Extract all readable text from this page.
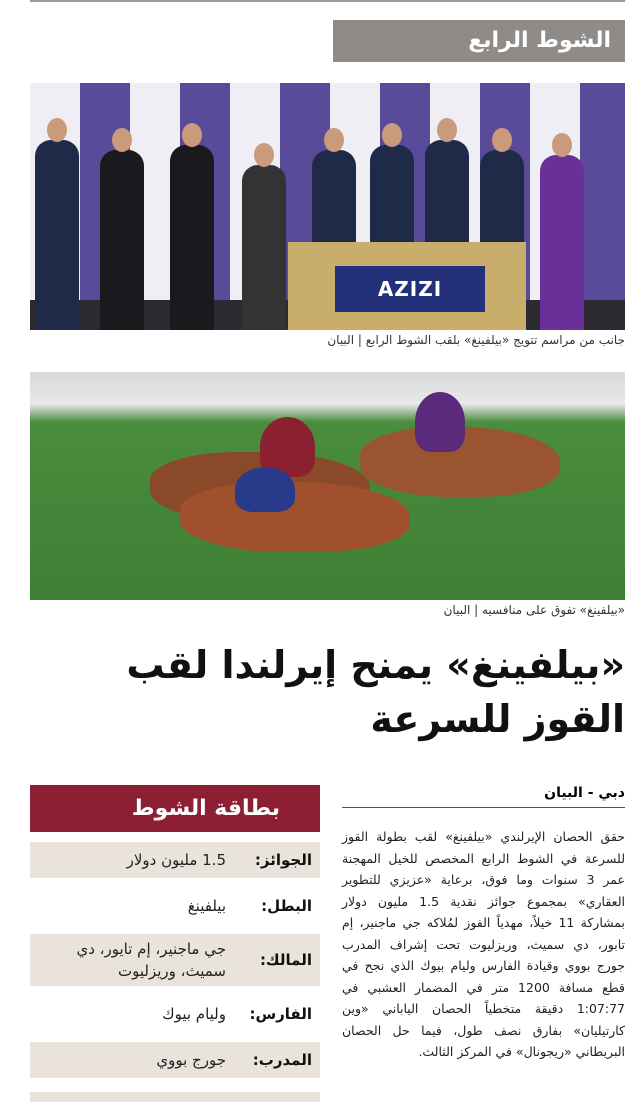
الشوط الرابع
AZIZI
جانب من مراسم تتويج «بيلفينغ» بلقب الشوط الرابع | البيان
«بيلفينغ» تفوق على منافسيه | البيان
«بيلفينغ» يمنح إيرلندا لقب القوز للسرعة
بطاقة الشوط
الجوائز:
1.5 مليون دولار
البطل:
بيلفينغ
المالك:
جي ماجنير، إم تايور، دي سميث، وريزليوت
الفارس:
وليام بيوك
المدرب:
جورج بووي
دبي - البيان
حقق الحصان الإيرلندي «بيلفينغ» لقب بطولة القوز للسرعة في الشوط الرابع المخصص للخيل المهجنة عمر 3 سنوات وما فوق، برعاية «عزيزي للتطوير العقاري» بمجموع جوائز نقدية 1.5 مليون دولار بمشاركة 11 خيلاً، مهدياً الفوز لمُلاكه جي ماجنير، إم تابور، دي سميث، وريزليوت تحت إشراف المدرب جورج بووي وقيادة الفارس وليام بيوك الذي نجح في قطع مسافة 1200 متر في المضمار العشبي في 1:07:77 دقيقة متخطياً الحصان الياباني «وين كارتيليان» بفارق نصف طول، فيما حل الحصان البريطاني «ريجونال» في المركز الثالث.
